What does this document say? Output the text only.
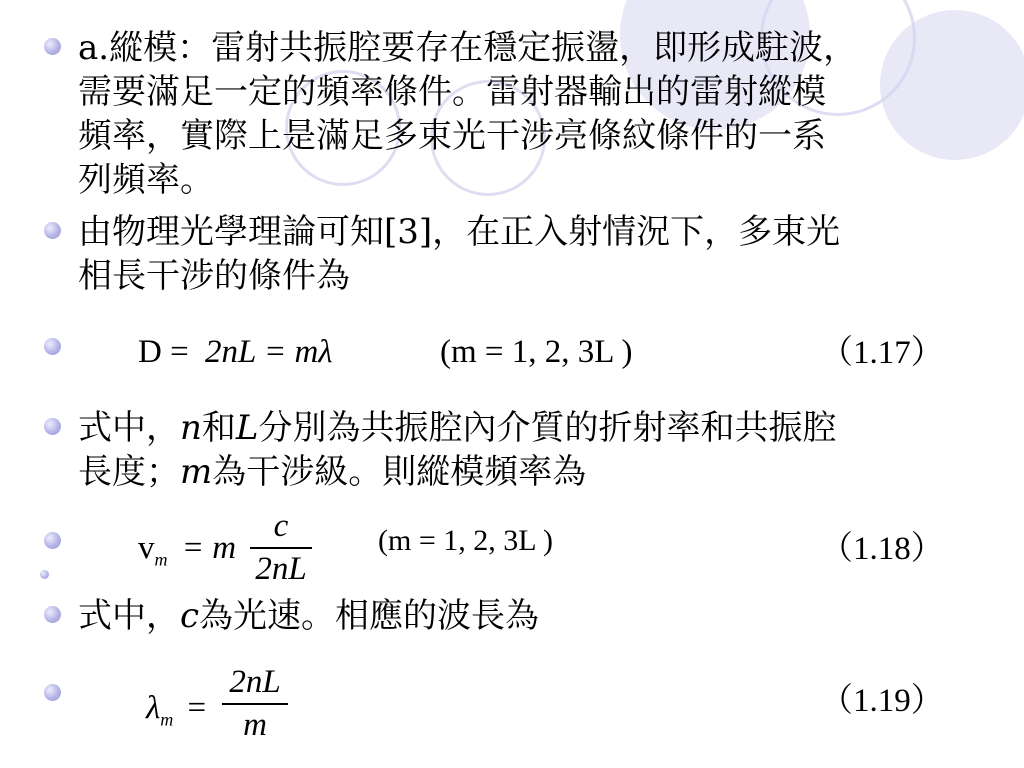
a.縱模：雷射共振腔要存在穩定振盪，即形成駐波，
需要滿足一定的頻率條件。雷射器輸出的雷射縱模
頻率，實際上是滿足多束光干涉亮條紋條件的一系
列頻率。
由物理光學理論可知[3]，在正入射情況下，多束光
相長干涉的條件為
D = 2nL = mλ	(m = 1, 2, 3L )	（1.17）
式中，n和L分別為共振腔內介質的折射率和共振腔
長度；m為干涉級。則縱模頻率為
$v_m = m$
c
2nL
(m = 1, 2, 3L )	（1.18）
式中，c為光速。相應的波長為
$\lambda_m$ =
2nL
m
（1.19）
